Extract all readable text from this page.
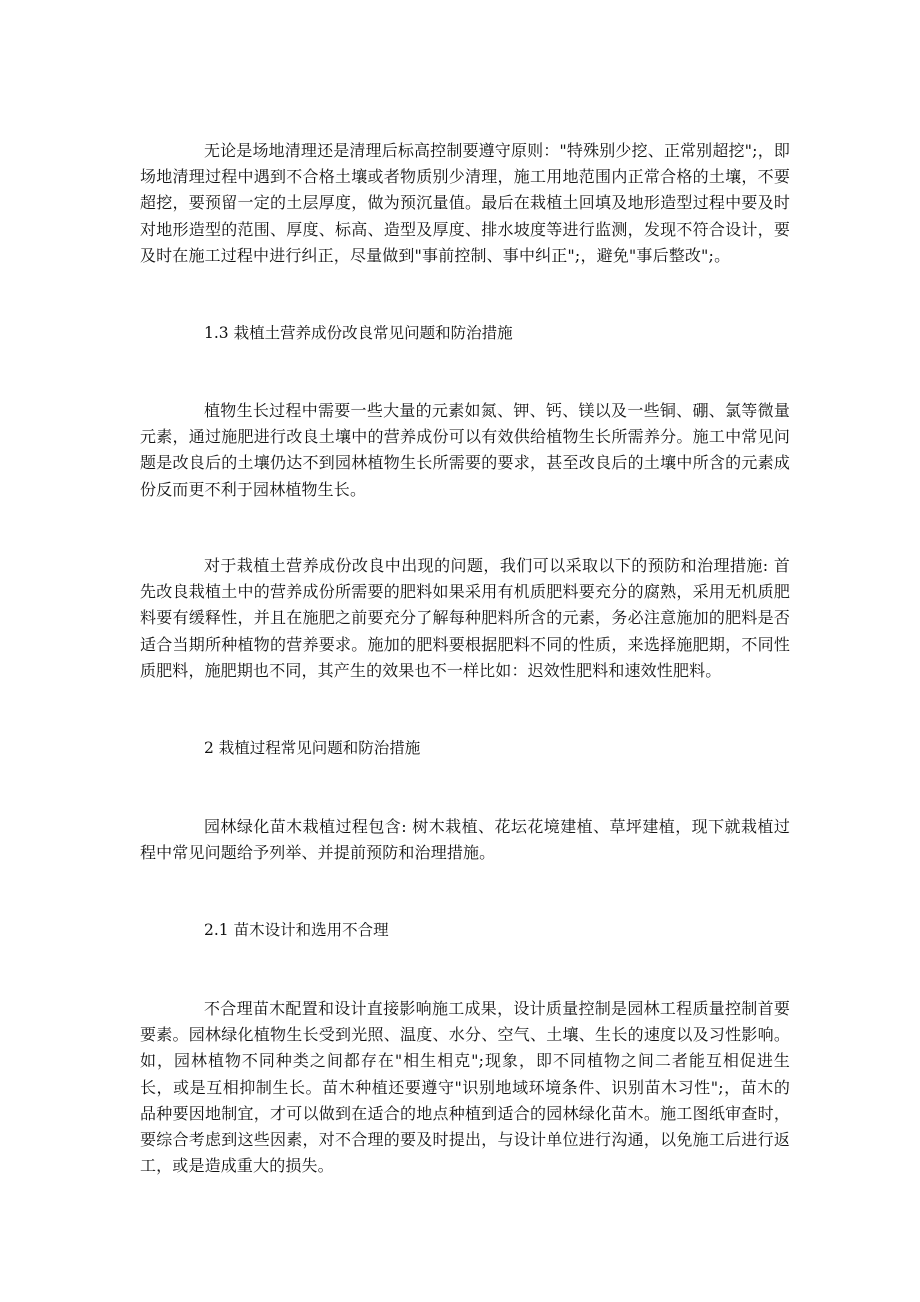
无论是场地清理还是清理后标高控制要遵守原则："特殊别少挖、正常别超挖";，即场地清理过程中遇到不合格土壤或者物质别少清理，施工用地范围内正常合格的土壤，不要超挖，要预留一定的土层厚度，做为预沉量值。最后在栽植土回填及地形造型过程中要及时对地形造型的范围、厚度、标高、造型及厚度、排水坡度等进行监测，发现不符合设计，要及时在施工过程中进行纠正，尽量做到"事前控制、事中纠正";，避免"事后整改";。

1.3 栽植土营养成份改良常见问题和防治措施

植物生长过程中需要一些大量的元素如氮、钾、钙、镁以及一些铜、硼、氯等微量元素，通过施肥进行改良土壤中的营养成份可以有效供给植物生长所需养分。施工中常见问题是改良后的土壤仍达不到园林植物生长所需要的要求，甚至改良后的土壤中所含的元素成份反而更不利于园林植物生长。

对于栽植土营养成份改良中出现的问题，我们可以采取以下的预防和治理措施: 首先改良栽植土中的营养成份所需要的肥料如果采用有机质肥料要充分的腐熟，采用无机质肥料要有缓释性，并且在施肥之前要充分了解每种肥料所含的元素，务必注意施加的肥料是否适合当期所种植物的营养要求。施加的肥料要根据肥料不同的性质，来选择施肥期，不同性质肥料，施肥期也不同，其产生的效果也不一样比如：迟效性肥料和速效性肥料。

2 栽植过程常见问题和防治措施

园林绿化苗木栽植过程包含: 树木栽植、花坛花境建植、草坪建植，现下就栽植过程中常见问题给予列举、并提前预防和治理措施。

2.1 苗木设计和选用不合理

不合理苗木配置和设计直接影响施工成果，设计质量控制是园林工程质量控制首要要素。园林绿化植物生长受到光照、温度、水分、空气、土壤、生长的速度以及习性影响。如，园林植物不同种类之间都存在"相生相克";现象，即不同植物之间二者能互相促进生长，或是互相抑制生长。苗木种植还要遵守"识别地域环境条件、识别苗木习性";，苗木的品种要因地制宜，才可以做到在适合的地点种植到适合的园林绿化苗木。施工图纸审查时，要综合考虑到这些因素，对不合理的要及时提出，与设计单位进行沟通，以免施工后进行返工，或是造成重大的损失。
